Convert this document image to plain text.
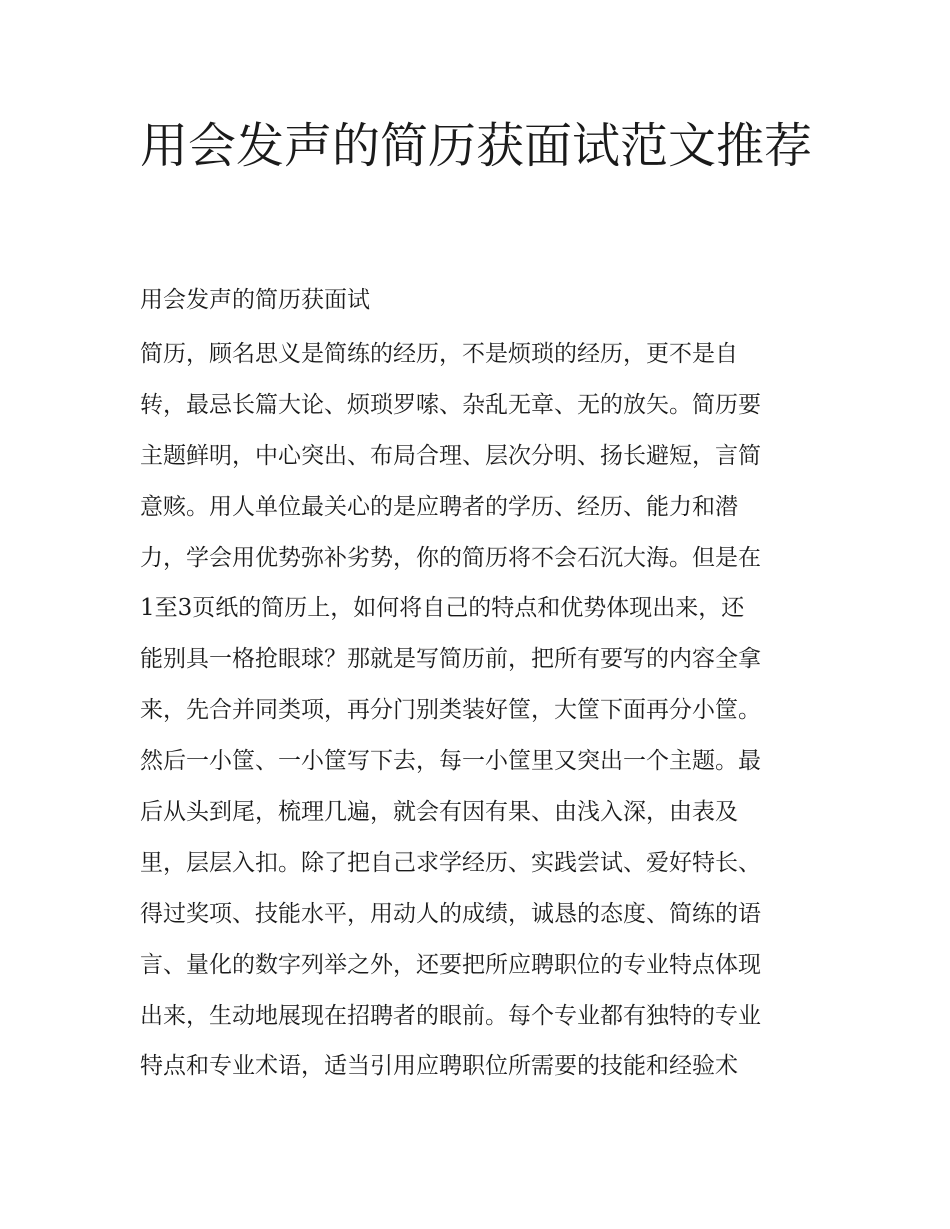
用会发声的简历获面试范文推荐

用会发声的简历获面试

简历，顾名思义是简练的经历，不是烦琐的经历，更不是自
转，最忌长篇大论、烦琐罗嗦、杂乱无章、无的放矢。简历要
主题鲜明，中心突出、布局合理、层次分明、扬长避短，言简
意赅。用人单位最关心的是应聘者的学历、经历、能力和潜
力，学会用优势弥补劣势，你的简历将不会石沉大海。但是在
1至3页纸的简历上，如何将自己的特点和优势体现出来，还
能别具一格抢眼球？那就是写简历前，把所有要写的内容全拿
来，先合并同类项，再分门别类装好筐，大筐下面再分小筐。
然后一小筐、一小筐写下去，每一小筐里又突出一个主题。最
后从头到尾，梳理几遍，就会有因有果、由浅入深，由表及
里，层层入扣。除了把自己求学经历、实践尝试、爱好特长、
得过奖项、技能水平，用动人的成绩，诚恳的态度、简练的语
言、量化的数字列举之外，还要把所应聘职位的专业特点体现
出来，生动地展现在招聘者的眼前。每个专业都有独特的专业
特点和专业术语，适当引用应聘职位所需要的技能和经验术
